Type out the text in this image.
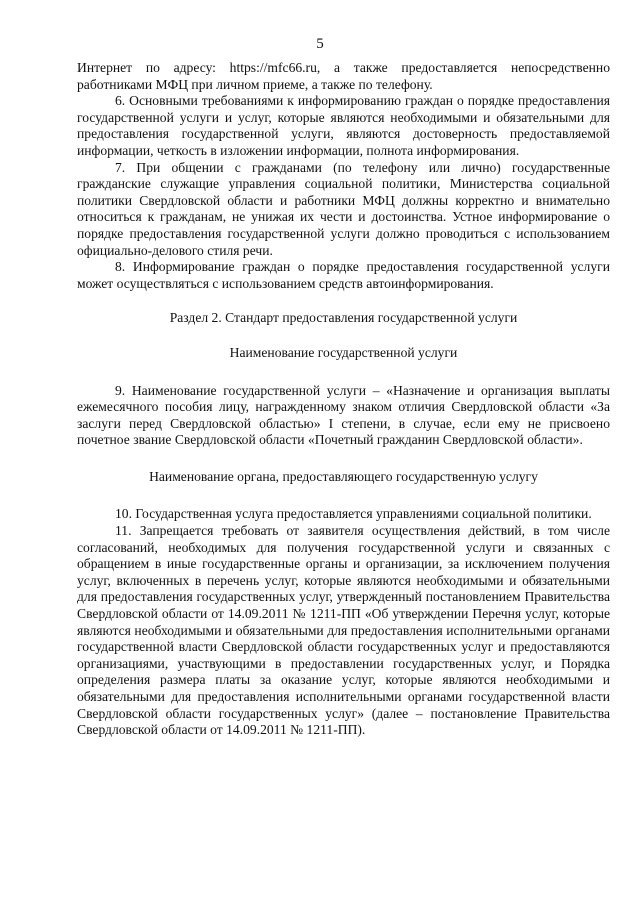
5

Интернет по адресу: https://mfc66.ru, а также предоставляется непосредственно работниками МФЦ при личном приеме, а также по телефону.

6. Основными требованиями к информированию граждан о порядке предоставления государственной услуги и услуг, которые являются необходимыми и обязательными для предоставления государственной услуги, являются достоверность предоставляемой информации, четкость в изложении информации, полнота информирования.

7. При общении с гражданами (по телефону или лично) государственные гражданские служащие управления социальной политики, Министерства социальной политики Свердловской области и работники МФЦ должны корректно и внимательно относиться к гражданам, не унижая их чести и достоинства. Устное информирование о порядке предоставления государственной услуги должно проводиться с использованием официально-делового стиля речи.

8. Информирование граждан о порядке предоставления государственной услуги может осуществляться с использованием средств автоинформирования.

Раздел 2. Стандарт предоставления государственной услуги

Наименование государственной услуги

9. Наименование государственной услуги – «Назначение и организация выплаты ежемесячного пособия лицу, награжденному знаком отличия Свердловской области «За заслуги перед Свердловской областью» I степени, в случае, если ему не присвоено почетное звание Свердловской области «Почетный гражданин Свердловской области».

Наименование органа, предоставляющего государственную услугу

10. Государственная услуга предоставляется управлениями социальной политики.

11. Запрещается требовать от заявителя осуществления действий, в том числе согласований, необходимых для получения государственной услуги и связанных с обращением в иные государственные органы и организации, за исключением получения услуг, включенных в перечень услуг, которые являются необходимыми и обязательными для предоставления государственных услуг, утвержденный постановлением Правительства Свердловской области от 14.09.2011 № 1211-ПП «Об утверждении Перечня услуг, которые являются необходимыми и обязательными для предоставления исполнительными органами государственной власти Свердловской области государственных услуг и предоставляются организациями, участвующими в предоставлении государственных услуг, и Порядка определения размера платы за оказание услуг, которые являются необходимыми и обязательными для предоставления исполнительными органами государственной власти Свердловской области государственных услуг» (далее – постановление Правительства Свердловской области от 14.09.2011 № 1211-ПП).
